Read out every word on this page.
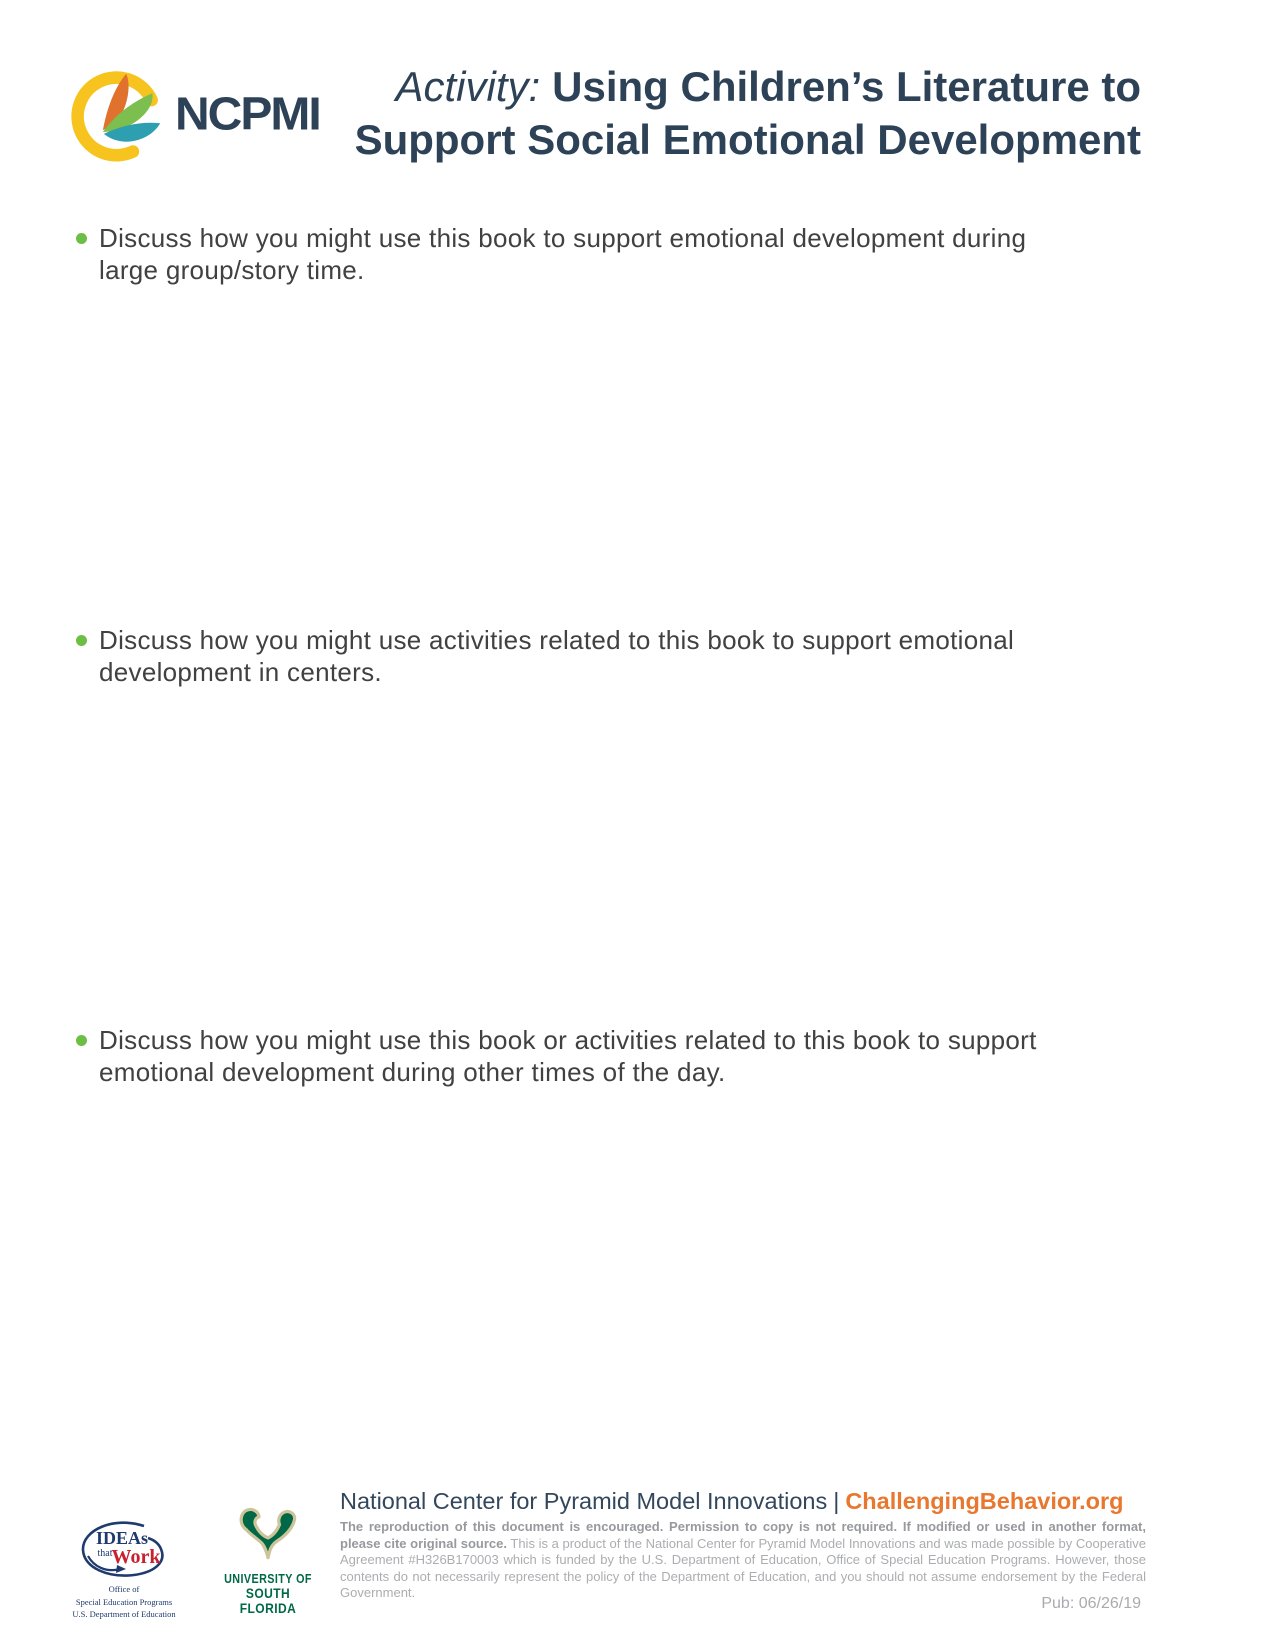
NCPMI
Activity: Using Children’s Literature to
Support Social Emotional Development
Discuss how you might use this book to support emotional development during
large group/story time.
Discuss how you might use activities related to this book to support emotional
development in centers.
Discuss how you might use this book or activities related to this book to support
emotional development during other times of the day.
IDEAs
that Work
Office of
Special Education Programs
U.S. Department of Education
UNIVERSITY OF
SOUTH FLORIDA
National Center for Pyramid Model Innovations | ChallengingBehavior.org

The reproduction of this document is encouraged. Permission to copy is not required. If modified or used in another format, please cite original source. This is a product of the National Center for Pyramid Model Innovations and was made possible by Cooperative Agreement #H326B170003 which is funded by the U.S. Department of Education, Office of Special Education Programs. However, those contents do not necessarily represent the policy of the Department of Education, and you should not assume endorsement by the Federal Government.

Pub: 06/26/19
